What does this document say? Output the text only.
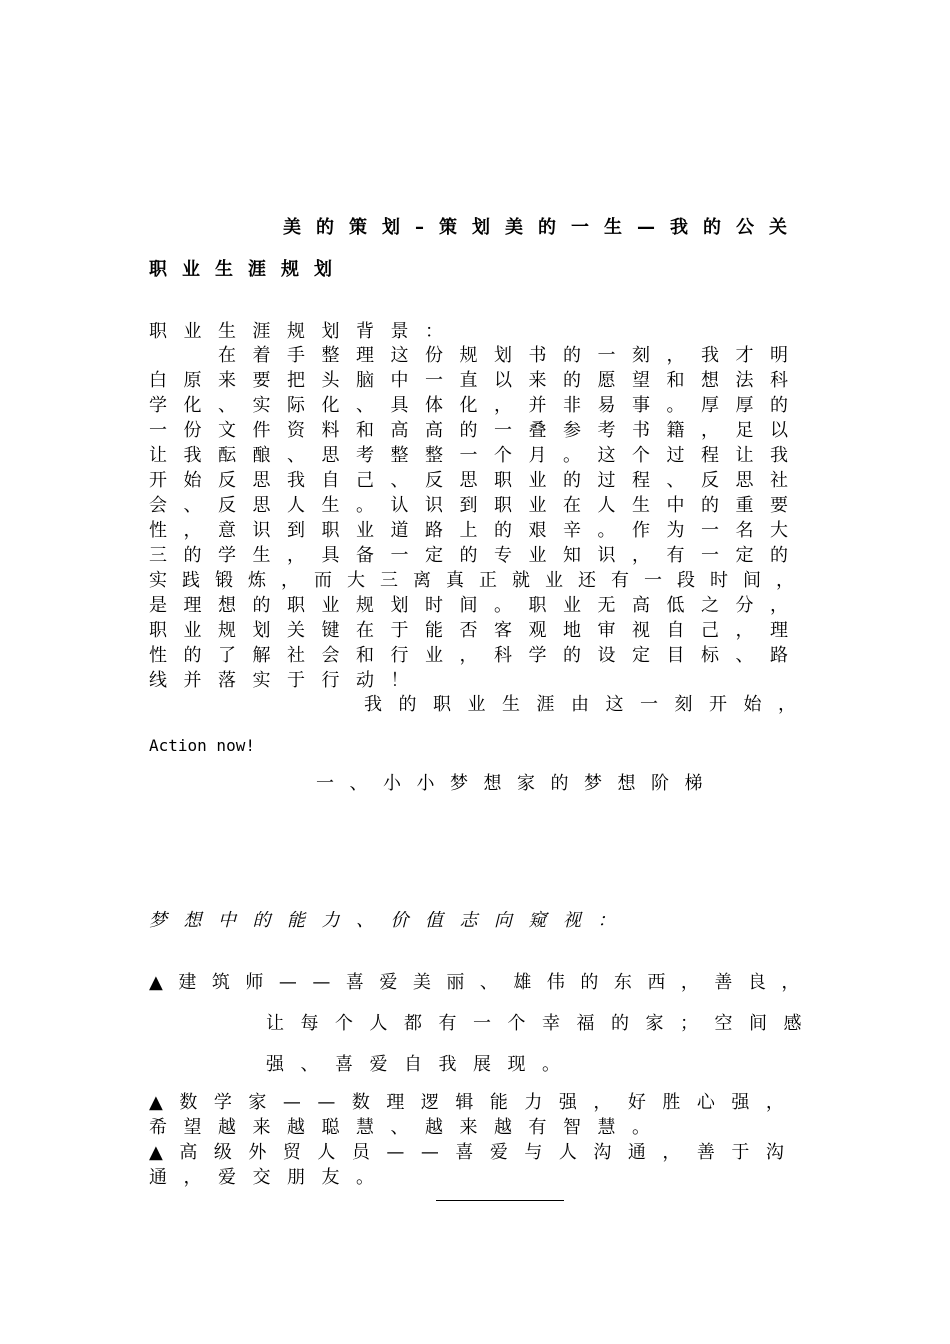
美的策划–策划美的一生—我的公关
职业生涯规划
职业生涯规划背景：
在着手整理这份规划书的一刻，我才明
白原来要把头脑中一直以来的愿望和想法科
学化、实际化、具体化，并非易事。厚厚的
一份文件资料和高高的一叠参考书籍，足以
让我酝酿、思考整整一个月。这个过程让我
开始反思我自己、反思职业的过程、反思社
会、反思人生。认识到职业在人生中的重要
性，意识到职业道路上的艰辛。作为一名大
三的学生，具备一定的专业知识，有一定的
实践锻炼，而大三离真正就业还有一段时间，
是理想的职业规划时间。职业无高低之分，
职业规划关键在于能否客观地审视自己，理
性的了解社会和行业，科学的设定目标、路
线并落实于行动！
我的职业生涯由这一刻开始，
Action now!
一、小小梦想家的梦想阶梯
梦想中的能力、价值志向窥视：
▲建筑师——喜爱美丽、雄伟的东西，善良，
让每个人都有一个幸福的家；空间感
强、喜爱自我展现。
▲数学家——数理逻辑能力强，好胜心强，
希望越来越聪慧、越来越有智慧。
▲高级外贸人员——喜爱与人沟通，善于沟
通，爱交朋友。
